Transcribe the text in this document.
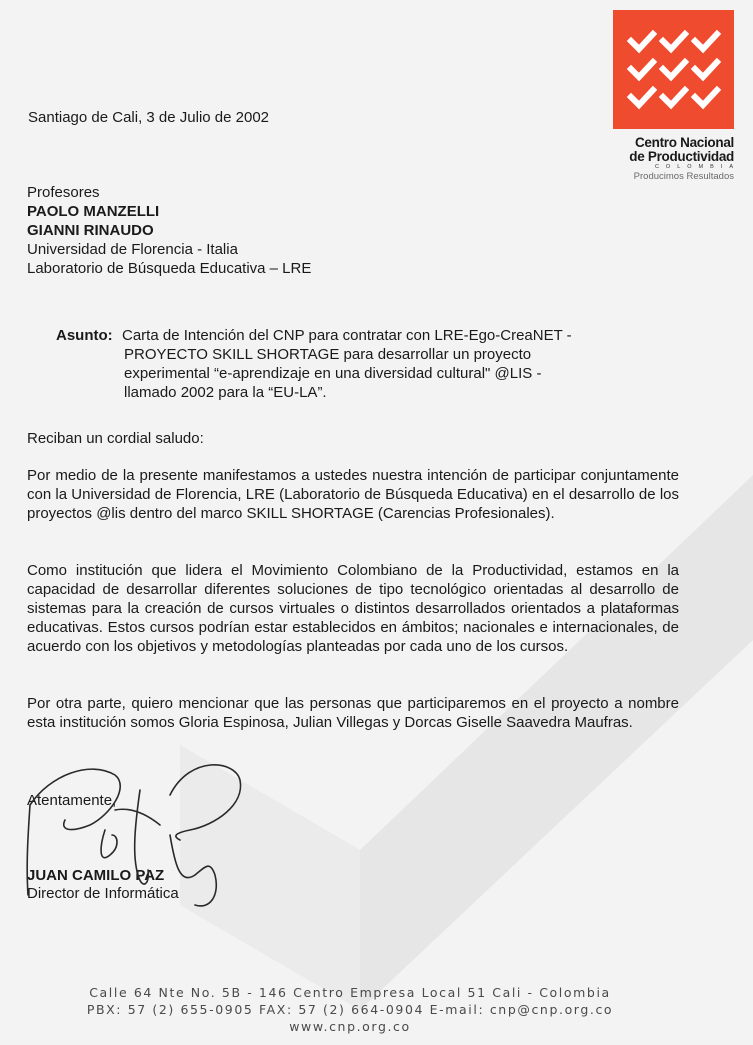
Centro Nacional
de Productividad
COLOMBIA
Producimos Resultados
Santiago de Cali, 3 de Julio de 2002
Profesores
PAOLO MANZELLI
GIANNI RINAUDO
Universidad de Florencia - Italia
Laboratorio de Búsqueda Educativa – LRE
Asunto: Carta de Intención del CNP para contratar con LRE-Ego-CreaNET -
PROYECTO SKILL SHORTAGE para desarrollar un proyecto
experimental “e-aprendizaje en una diversidad cultural" @LIS -
llamado 2002 para la “EU-LA”.
Reciban un cordial saludo:
Por medio de la presente manifestamos a ustedes nuestra intención de participar conjuntamente con la Universidad de Florencia, LRE (Laboratorio de Búsqueda Educativa) en el desarrollo de los proyectos @lis dentro del marco SKILL SHORTAGE (Carencias Profesionales).
Como institución que lidera el Movimiento Colombiano de la Productividad, estamos en la capacidad de desarrollar diferentes soluciones de tipo tecnológico orientadas al desarrollo de sistemas para la creación de cursos virtuales o distintos desarrollados orientados a plataformas educativas. Estos cursos podrían estar establecidos en ámbitos; nacionales e internacionales, de acuerdo con los objetivos y metodologías planteadas por cada uno de los cursos.
Por otra parte, quiero mencionar que las personas que participaremos en el proyecto a nombre esta institución somos Gloria Espinosa, Julian Villegas y Dorcas Giselle Saavedra Maufras.
Atentamente,
JUAN CAMILO PAZ
Director de Informática
Calle 64 Nte No. 5B - 146 Centro Empresa Local 51 Cali - Colombia
PBX: 57 (2) 655-0905 FAX: 57 (2) 664-0904 E-mail: cnp@cnp.org.co
www.cnp.org.co
